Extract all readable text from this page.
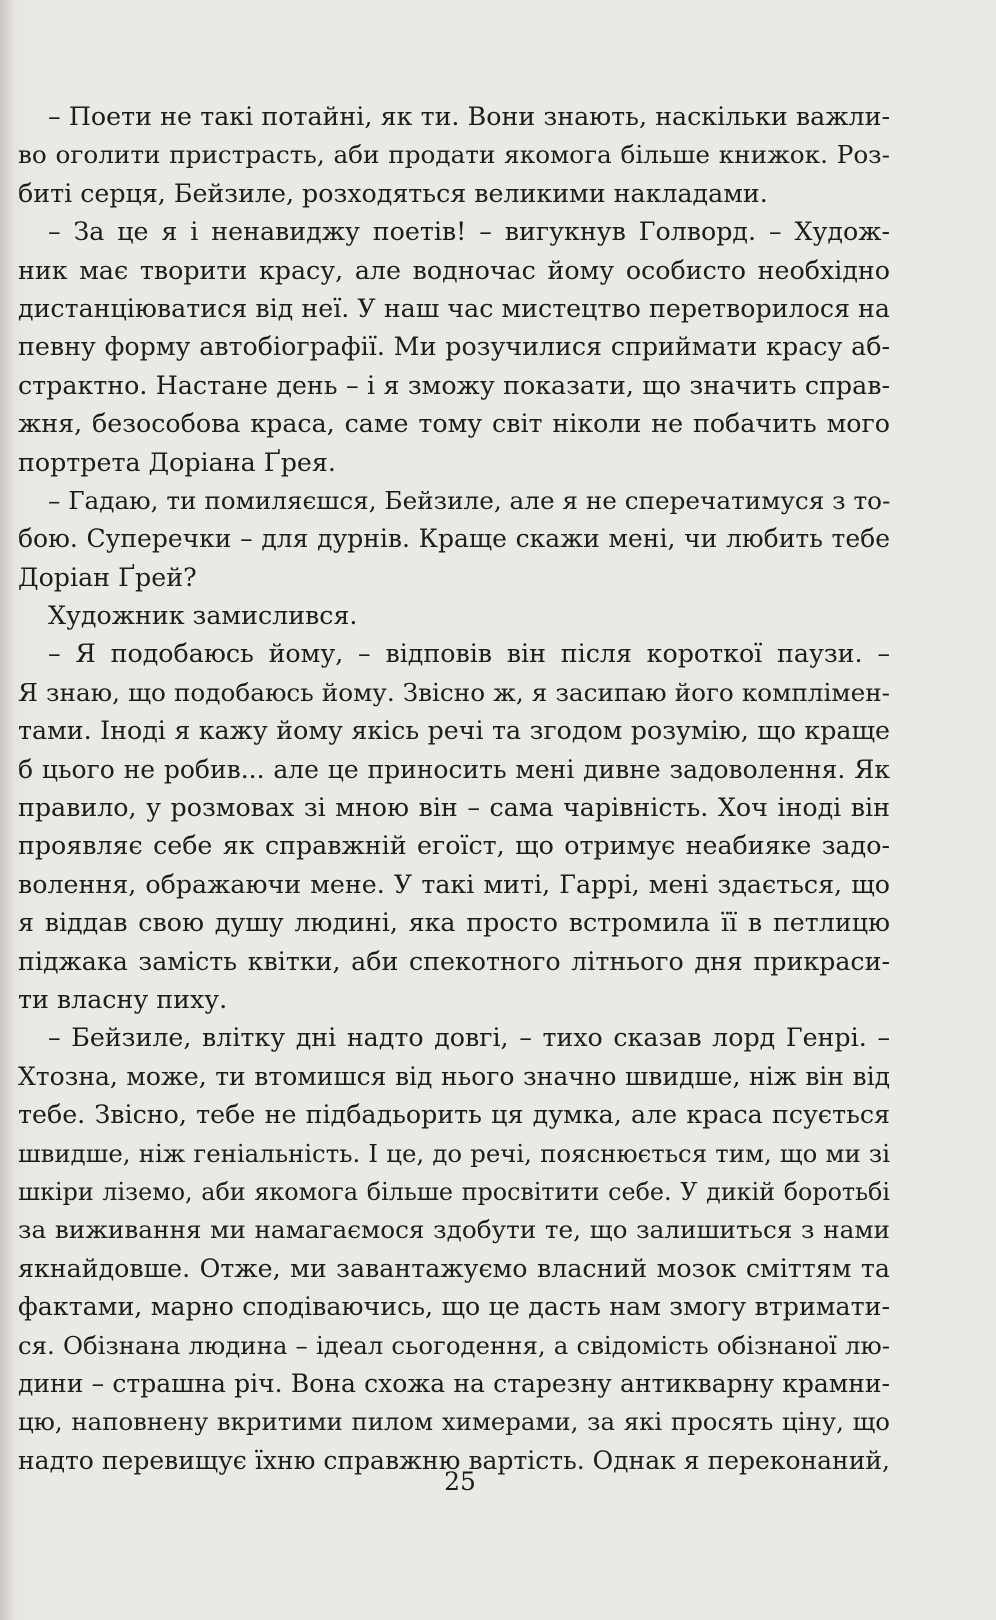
– Поети не такі потайні, як ти. Вони знають, наскільки важли-
во оголити пристрасть, аби продати якомога більше книжок. Роз-
биті серця, Бейзиле, розходяться великими накладами.
– За це я і ненавиджу поетів! – вигукнув Голворд. – Худож-
ник має творити красу, але водночас йому особисто необхідно
дистанціюватися від неї. У наш час мистецтво перетворилося на
певну форму автобіографії. Ми розучилися сприймати красу аб-
страктно. Настане день – і я зможу показати, що значить справ-
жня, безособова краса, саме тому світ ніколи не побачить мого
портрета Доріана Ґрея.
– Гадаю, ти помиляєшся, Бейзиле, але я не сперечатимуся з то-
бою. Суперечки – для дурнів. Краще скажи мені, чи любить тебе
Доріан Ґрей?
Художник замислився.
– Я подобаюсь йому, – відповів він після короткої паузи. –
Я знаю, що подобаюсь йому. Звісно ж, я засипаю його комплімен-
тами. Іноді я кажу йому якісь речі та згодом розумію, що краще
б цього не робив... але це приносить мені дивне задоволення. Як
правило, у розмовах зі мною він – сама чарівність. Хоч іноді він
проявляє себе як справжній егоїст, що отримує неабияке задо-
волення, ображаючи мене. У такі миті, Гаррі, мені здається, що
я віддав свою душу людині, яка просто встромила її в петлицю
піджака замість квітки, аби спекотного літнього дня прикраси-
ти власну пиху.
– Бейзиле, влітку дні надто довгі, – тихо сказав лорд Генрі. –
Хтозна, може, ти втомишся від нього значно швидше, ніж він від
тебе. Звісно, тебе не підбадьорить ця думка, але краса псується
швидше, ніж геніальність. І це, до речі, пояснюється тим, що ми зі
шкіри ліземо, аби якомога більше просвітити себе. У дикій боротьбі
за виживання ми намагаємося здобути те, що залишиться з нами
якнайдовше. Отже, ми завантажуємо власний мозок сміттям та
фактами, марно сподіваючись, що це дасть нам змогу втримати-
ся. Обізнана людина – ідеал сьогодення, а свідомість обізнаної лю-
дини – страшна річ. Вона схожа на старезну антикварну крамни-
цю, наповнену вкритими пилом химерами, за які просять ціну, що
надто перевищує їхню справжню вартість. Однак я переконаний,
25
